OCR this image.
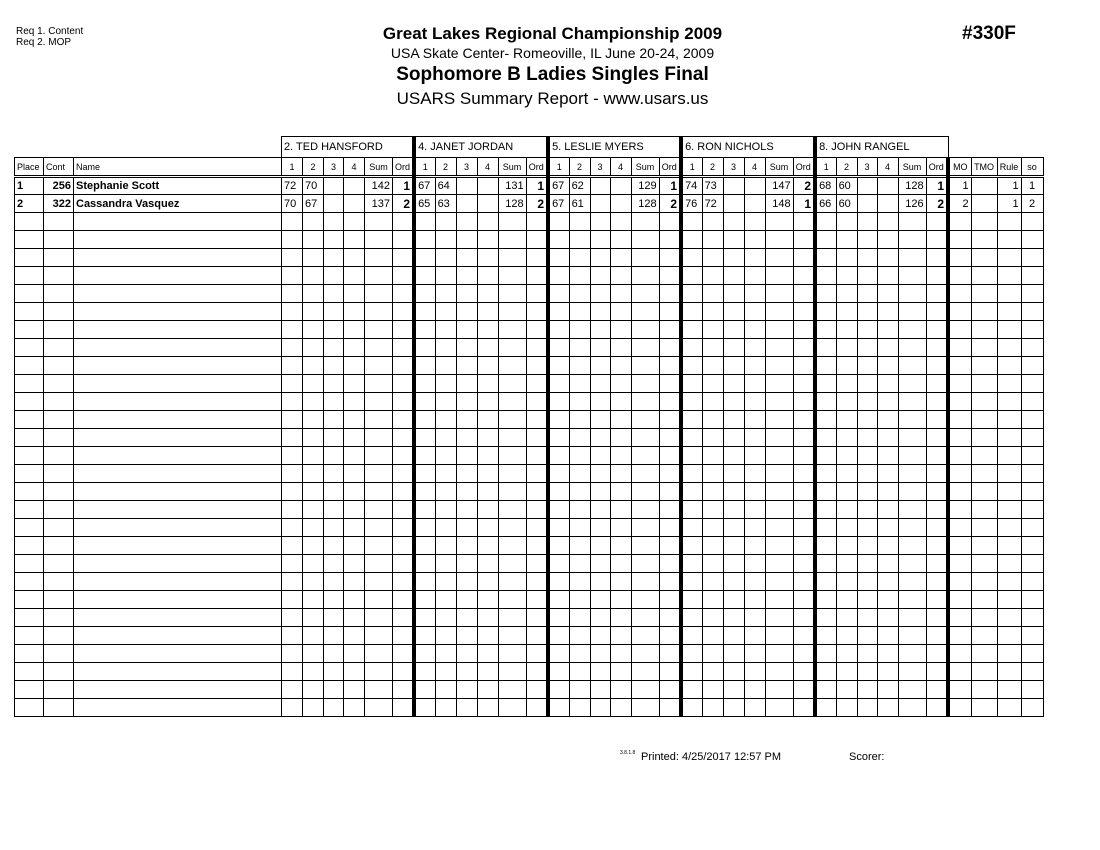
Req 1. Content
Req 2. MOP	Great Lakes Regional Championship 2009
USA Skate Center- Romeoville, IL June 20-24, 2009
Sophomore B Ladies Singles Final
USARS Summary Report - www.usars.us
#330F
			2. TED HANSFORD						4. JANET JORDAN						5. LESLIE MYERS						6. RON NICHOLS						8. JOHN RANGEL									
Place	Cont	Name	1	2	3	4	Sum	Ord	1	2	3	4	Sum	Ord	1	2	3	4	Sum	Ord	1	2	3	4	Sum	Ord	1	2	3	4	Sum	Ord	MO	TMO	Rule	so
1	256	Stephanie Scott	72	70			142	1	67	64			131	1	67	62			129	1	74	73			147	2	68	60			128	1	1		1	1
2	322	Cassandra Vasquez	70	67			137	2	65	63			128	2	67	61			128	2	76	72			148	1	66	60			126	2	2		1	2

3.8.1.8 Printed: 4/25/2017 12:57 PM	Scorer:
